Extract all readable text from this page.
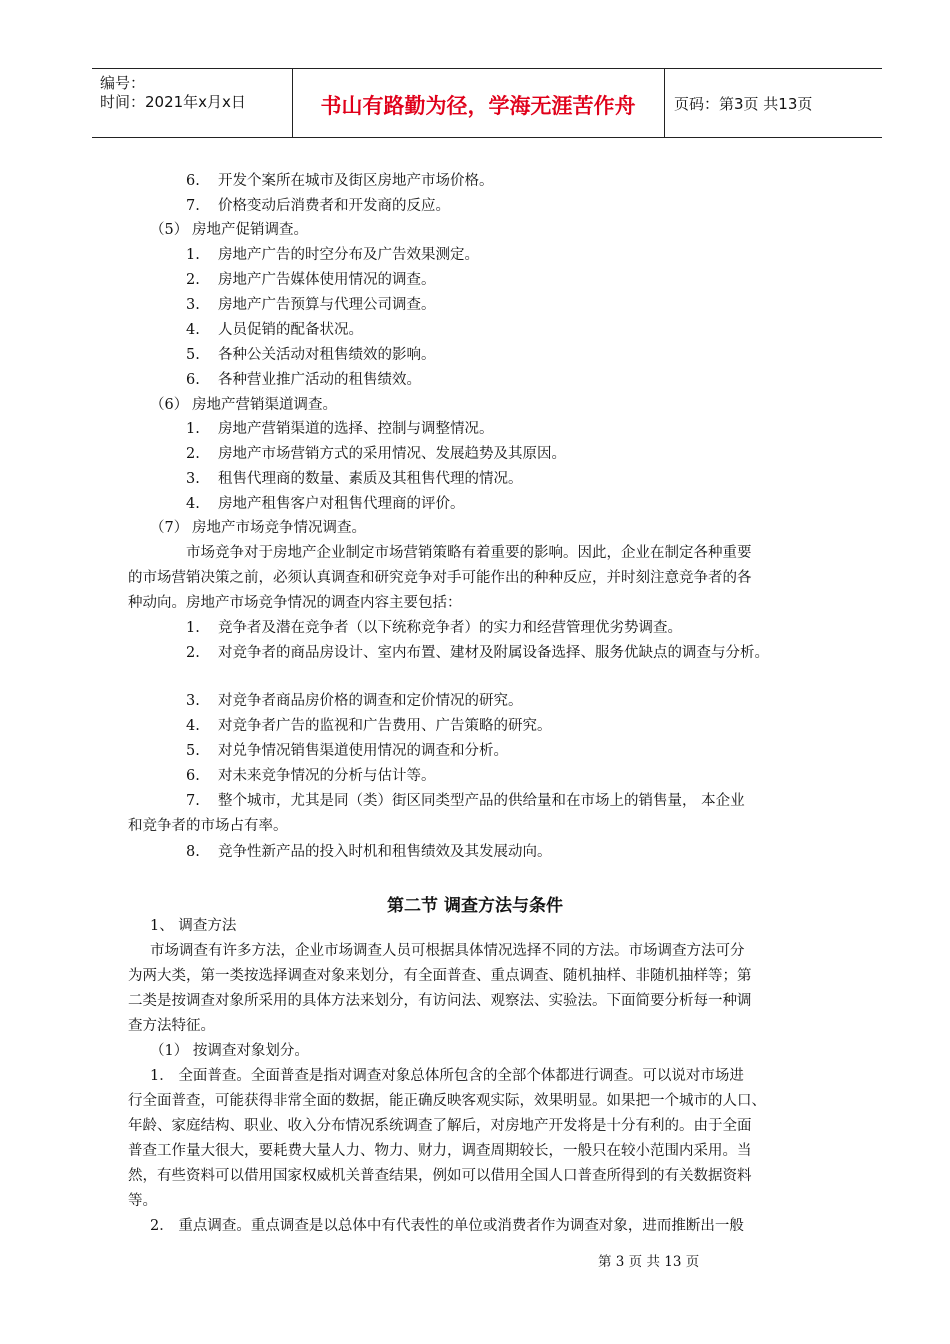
编号：
时间：2021年x月x日	书山有路勤为径，学海无涯苦作舟	页码：第3页 共13页
6. 开发个案所在城市及街区房地产市场价格。
7. 价格变动后消费者和开发商的反应。
（5） 房地产促销调查。
1. 房地产广告的时空分布及广告效果测定。
2. 房地产广告媒体使用情况的调查。
3. 房地产广告预算与代理公司调查。
4. 人员促销的配备状况。
5. 各种公关活动对租售绩效的影响。
6. 各种营业推广活动的租售绩效。
（6） 房地产营销渠道调查。
1. 房地产营销渠道的选择、控制与调整情况。
2. 房地产市场营销方式的采用情况、发展趋势及其原因。
3. 租售代理商的数量、素质及其租售代理的情况。
4. 房地产租售客户对租售代理商的评价。
（7） 房地产市场竞争情况调查。
市场竞争对于房地产企业制定市场营销策略有着重要的影响。因此，企业在制定各种重要
的市场营销决策之前，必须认真调查和研究竞争对手可能作出的种种反应，并时刻注意竞争者的各
种动向。房地产市场竞争情况的调查内容主要包括：
1. 竞争者及潜在竞争者（以下统称竞争者）的实力和经营管理优劣势调查。
2. 对竞争者的商品房设计、室内布置、建材及附属设备选择、服务优缺点的调查与分析。
3. 对竞争者商品房价格的调查和定价情况的研究。
4. 对竞争者广告的监视和广告费用、广告策略的研究。
5. 对兑争情况销售渠道使用情况的调查和分析。
6. 对未来竞争情况的分析与估计等。
7. 整个城市，尤其是同（类）街区同类型产品的供给量和在市场上的销售量， 本企业
和竞争者的市场占有率。
8. 竞争性新产品的投入时机和租售绩效及其发展动向。
第二节 调查方法与条件
1、 调查方法
市场调查有许多方法，企业市场调查人员可根据具体情况选择不同的方法。市场调查方法可分
为两大类，第一类按选择调查对象来划分，有全面普查、重点调查、随机抽样、非随机抽样等；第
二类是按调查对象所采用的具体方法来划分，有访问法、观察法、实验法。下面简要分析每一种调
查方法特征。
（1） 按调查对象划分。
1． 全面普查。全面普查是指对调查对象总体所包含的全部个体都进行调查。可以说对市场进
行全面普查，可能获得非常全面的数据，能正确反映客观实际，效果明显。如果把一个城市的人口、
年龄、家庭结构、职业、收入分布情况系统调查了解后，对房地产开发将是十分有利的。由于全面
普查工作量大很大，要耗费大量人力、物力、财力，调查周期较长，一般只在较小范围内采用。当
然，有些资料可以借用国家权威机关普查结果，例如可以借用全国人口普查所得到的有关数据资料
等。
2． 重点调查。重点调查是以总体中有代表性的单位或消费者作为调查对象，进而推断出一般
第 3 页 共 13 页
